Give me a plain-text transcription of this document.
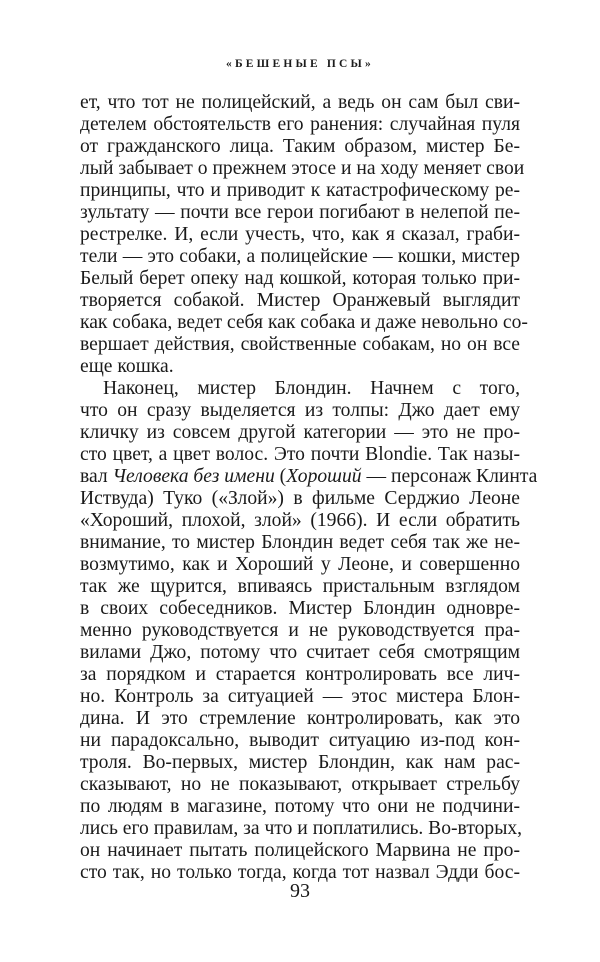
«БЕШЕНЫЕ ПСЫ»
ет, что тот не полицейский, а ведь он сам был сви-
детелем обстоятельств его ранения: случайная пуля
от гражданского лица. Таким образом, мистер Бе-
лый забывает о прежнем этосе и на ходу меняет свои
принципы, что и приводит к катастрофическому ре-
зультату — почти все герои погибают в нелепой пе-
рестрелке. И, если учесть, что, как я сказал, граби-
тели — это собаки, а полицейские — кошки, мистер
Белый берет опеку над кошкой, которая только при-
творяется собакой. Мистер Оранжевый выглядит
как собака, ведет себя как собака и даже невольно со-
вершает действия, свойственные собакам, но он все
еще кошка.
Наконец, мистер Блондин. Начнем с того,
что он сразу выделяется из толпы: Джо дает ему
кличку из совсем другой категории — это не про-
сто цвет, а цвет волос. Это почти Blondie. Так назы-
вал Человека без имени (Хороший — персонаж Клинта
Иствуда) Туко («Злой») в фильме Серджио Леоне
«Хороший, плохой, злой» (1966). И если обратить
внимание, то мистер Блондин ведет себя так же не-
возмутимо, как и Хороший у Леоне, и совершенно
так же щурится, впиваясь пристальным взглядом
в своих собеседников. Мистер Блондин одновре-
менно руководствуется и не руководствуется пра-
вилами Джо, потому что считает себя смотрящим
за порядком и старается контролировать все лич-
но. Контроль за ситуацией — этос мистера Блон-
дина. И это стремление контролировать, как это
ни парадоксально, выводит ситуацию из-под кон-
троля. Во-первых, мистер Блондин, как нам рас-
сказывают, но не показывают, открывает стрельбу
по людям в магазине, потому что они не подчини-
лись его правилам, за что и поплатились. Во-вторых,
он начинает пытать полицейского Марвина не про-
сто так, но только тогда, когда тот назвал Эдди бос-
93
